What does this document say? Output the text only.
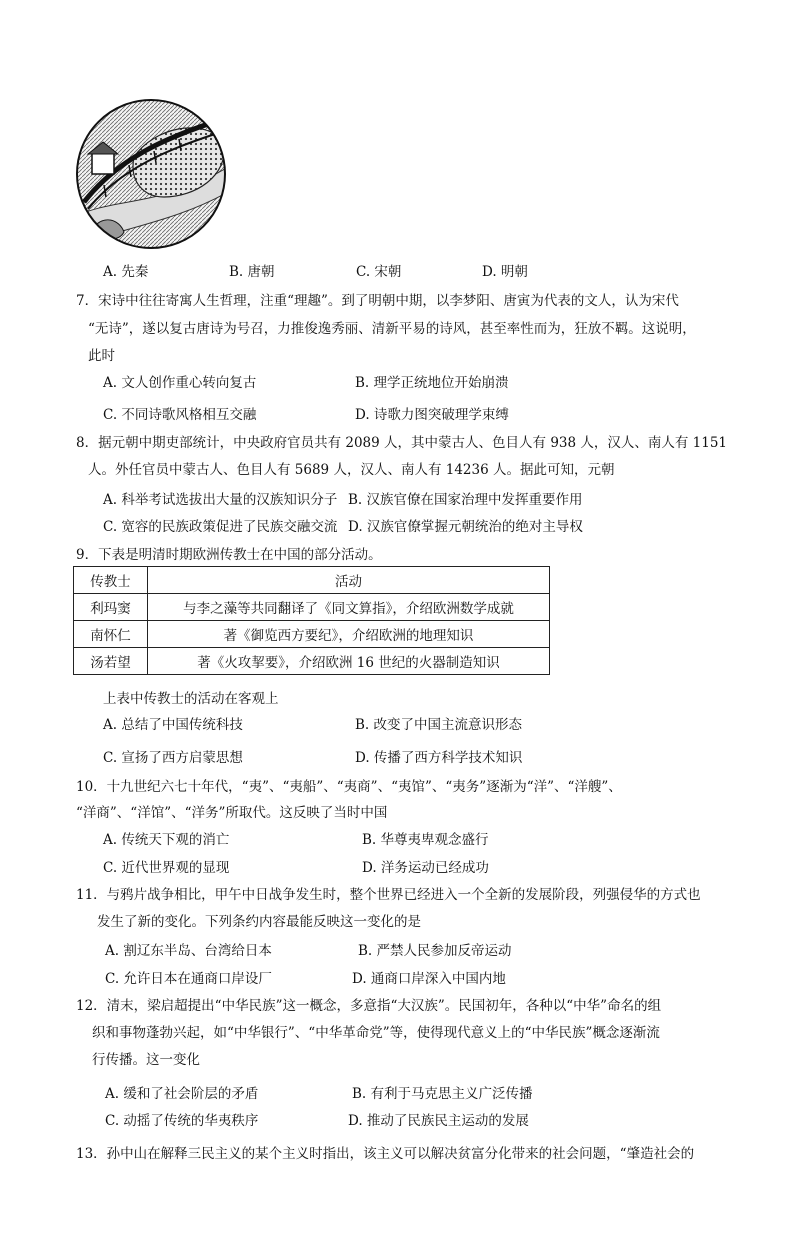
A. 先秦	B. 唐朝	C. 宋朝	D. 明朝
7．宋诗中往往寄寓人生哲理，注重“理趣”。到了明朝中期，以李梦阳、唐寅为代表的文人，认为宋代
“无诗”，遂以复古唐诗为号召，力推俊逸秀丽、清新平易的诗风，甚至率性而为，狂放不羁。这说明，
此时
A. 文人创作重心转向复古	B. 理学正统地位开始崩溃
C. 不同诗歌风格相互交融	D. 诗歌力图突破理学束缚
8．据元朝中期吏部统计，中央政府官员共有 2089 人，其中蒙古人、色目人有 938 人，汉人、南人有 1151
人。外任官员中蒙古人、色目人有 5689 人，汉人、南人有 14236 人。据此可知，元朝
A. 科举考试选拔出大量的汉族知识分子 B. 汉族官僚在国家治理中发挥重要作用
C. 宽容的民族政策促进了民族交融交流 D. 汉族官僚掌握元朝统治的绝对主导权
9．下表是明清时期欧洲传教士在中国的部分活动。
传教士	活动
利玛窦	与李之藻等共同翻译了《同文算指》，介绍欧洲数学成就
南怀仁	著《御览西方要纪》，介绍欧洲的地理知识
汤若望	著《火攻挈要》，介绍欧洲 16 世纪的火器制造知识
上表中传教士的活动在客观上
A. 总结了中国传统科技	B. 改变了中国主流意识形态
C. 宣扬了西方启蒙思想	D. 传播了西方科学技术知识
10．十九世纪六七十年代，“夷”、“夷船”、“夷商”、“夷馆”、“夷务”逐渐为“洋”、“洋艘”、
“洋商”、“洋馆”、“洋务”所取代。这反映了当时中国
A. 传统天下观的消亡	B. 华尊夷卑观念盛行
C. 近代世界观的显现	D. 洋务运动已经成功
11．与鸦片战争相比，甲午中日战争发生时，整个世界已经进入一个全新的发展阶段，列强侵华的方式也
发生了新的变化。下列条约内容最能反映这一变化的是
A. 割辽东半岛、台湾给日本	B. 严禁人民参加反帝运动
C. 允许日本在通商口岸设厂	D. 通商口岸深入中国内地
12．清末，梁启超提出“中华民族”这一概念，多意指“大汉族”。民国初年，各种以“中华”命名的组
织和事物蓬勃兴起，如“中华银行”、“中华革命党”等，使得现代意义上的“中华民族”概念逐渐流
行传播。这一变化
A. 缓和了社会阶层的矛盾	B. 有利于马克思主义广泛传播
C. 动摇了传统的华夷秩序	D. 推动了民族民主运动的发展
13．孙中山在解释三民主义的某个主义时指出，该主义可以解决贫富分化带来的社会问题，“肇造社会的
